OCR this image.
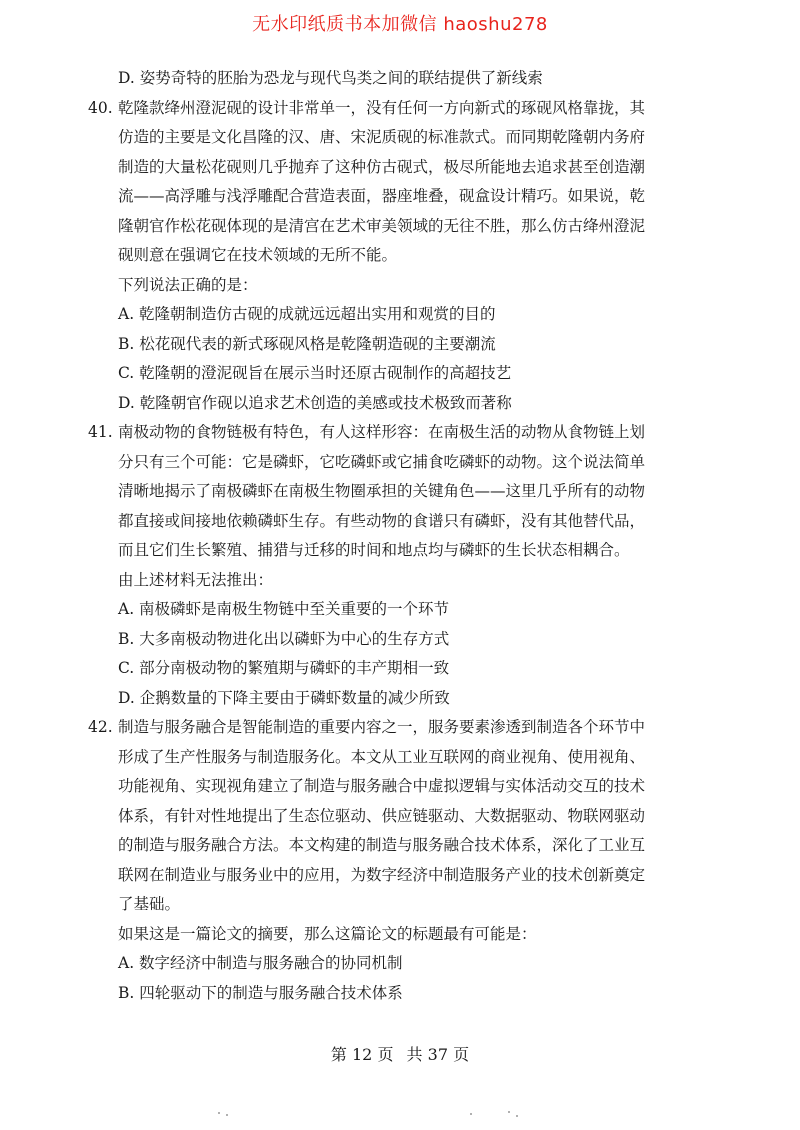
无水印纸质书本加微信 haoshu278
D. 姿势奇特的胚胎为恐龙与现代鸟类之间的联结提供了新线索
40. 乾隆款绛州澄泥砚的设计非常单一，没有任何一方向新式的琢砚风格靠拢，其
仿造的主要是文化昌隆的汉、唐、宋泥质砚的标准款式。而同期乾隆朝内务府
制造的大量松花砚则几乎抛弃了这种仿古砚式，极尽所能地去追求甚至创造潮
流——高浮雕与浅浮雕配合营造表面，器座堆叠，砚盒设计精巧。如果说，乾
隆朝官作松花砚体现的是清宫在艺术审美领域的无往不胜，那么仿古绛州澄泥
砚则意在强调它在技术领域的无所不能。
下列说法正确的是：
A. 乾隆朝制造仿古砚的成就远远超出实用和观赏的目的
B. 松花砚代表的新式琢砚风格是乾隆朝造砚的主要潮流
C. 乾隆朝的澄泥砚旨在展示当时还原古砚制作的高超技艺
D. 乾隆朝官作砚以追求艺术创造的美感或技术极致而著称
41. 南极动物的食物链极有特色，有人这样形容：在南极生活的动物从食物链上划
分只有三个可能：它是磷虾，它吃磷虾或它捕食吃磷虾的动物。这个说法简单
清晰地揭示了南极磷虾在南极生物圈承担的关键角色——这里几乎所有的动物
都直接或间接地依赖磷虾生存。有些动物的食谱只有磷虾，没有其他替代品，
而且它们生长繁殖、捕猎与迁移的时间和地点均与磷虾的生长状态相耦合。
由上述材料无法推出：
A. 南极磷虾是南极生物链中至关重要的一个环节
B. 大多南极动物进化出以磷虾为中心的生存方式
C. 部分南极动物的繁殖期与磷虾的丰产期相一致
D. 企鹅数量的下降主要由于磷虾数量的减少所致
42. 制造与服务融合是智能制造的重要内容之一，服务要素渗透到制造各个环节中
形成了生产性服务与制造服务化。本文从工业互联网的商业视角、使用视角、
功能视角、实现视角建立了制造与服务融合中虚拟逻辑与实体活动交互的技术
体系，有针对性地提出了生态位驱动、供应链驱动、大数据驱动、物联网驱动
的制造与服务融合方法。本文构建的制造与服务融合技术体系，深化了工业互
联网在制造业与服务业中的应用，为数字经济中制造服务产业的技术创新奠定
了基础。
如果这是一篇论文的摘要，那么这篇论文的标题最有可能是：
A. 数字经济中制造与服务融合的协同机制
B. 四轮驱动下的制造与服务融合技术体系
第 12 页 共 37 页
